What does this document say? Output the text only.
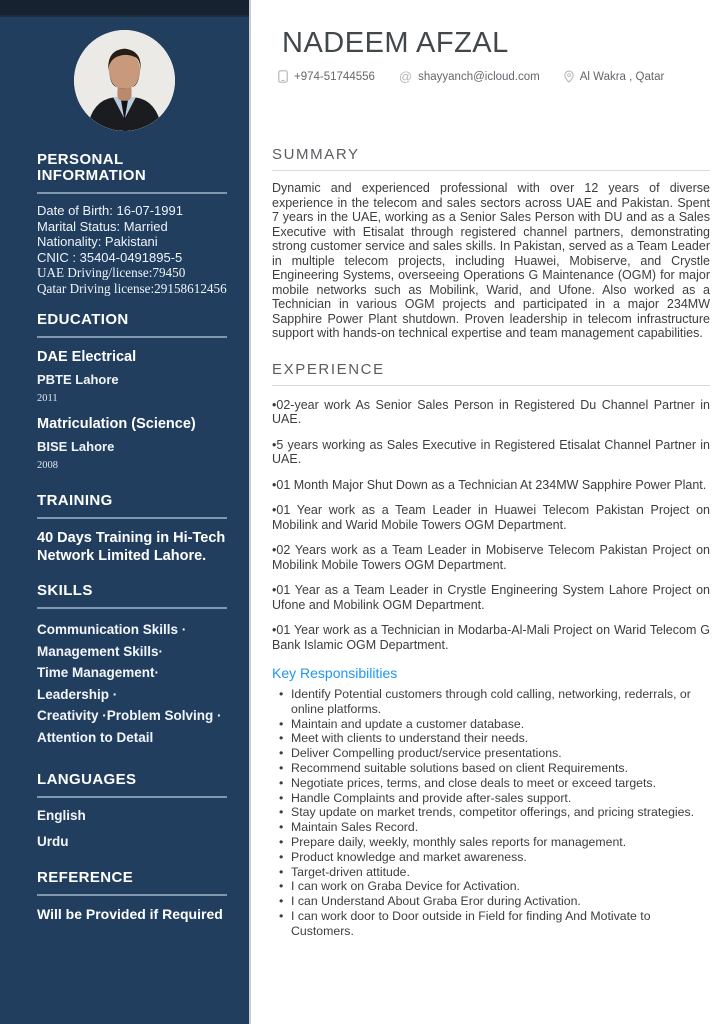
PERSONAL INFORMATION
Date of Birth: 16-07-1991
Marital Status: Married
Nationality: Pakistani
CNIC : 35404-0491895-5
UAE Driving/license:79450
Qatar Driving license:29158612456
EDUCATION
DAE Electrical
PBTE Lahore
2011
Matriculation (Science)
BISE Lahore
2008
TRAINING
40 Days Training in Hi-Tech Network Limited Lahore.
SKILLS
Communication Skills ·
Management Skills·
Time Management· Leadership ·
Creativity ·Problem Solving ·
Attention to Detail
LANGUAGES
English
Urdu
REFERENCE
Will be Provided if Required
NADEEM AFZAL
+974-51744556 @ shayyanch@icloud.com	Al Wakra , Qatar
SUMMARY

Dynamic and experienced professional with over 12 years of diverse experience in the telecom and sales sectors across UAE and Pakistan. Spent 7 years in the UAE, working as a Senior Sales Person with DU and as a Sales Executive with Etisalat through registered channel partners, demonstrating strong customer service and sales skills. In Pakistan, served as a Team Leader in multiple telecom projects, including Huawei, Mobiserve, and Crystle Engineering Systems, overseeing Operations G Maintenance (OGM) for major mobile networks such as Mobilink, Warid, and Ufone. Also worked as a Technician in various OGM projects and participated in a major 234MW Sapphire Power Plant shutdown. Proven leadership in telecom infrastructure support with hands-on technical expertise and team management capabilities.

EXPERIENCE

• 02-year work As Senior Sales Person in Registered Du Channel Partner in UAE.

• 5 years working as Sales Executive in Registered Etisalat Channel Partner in UAE.

• 01 Month Major Shut Down as a Technician At 234MW Sapphire Power Plant.

• 01 Year work as a Team Leader in Huawei Telecom Pakistan Project on Mobilink and Warid Mobile Towers OGM Department.

• 02 Years work as a Team Leader in Mobiserve Telecom Pakistan Project on Mobilink Mobile Towers OGM Department.

• 01 Year as a Team Leader in Crystle Engineering System Lahore Project on Ufone and Mobilink OGM Department.

• 01 Year work as a Technician in Modarba-Al-Mali Project on Warid Telecom G Bank Islamic OGM Department.

Key Responsibilities
• Identify Potential customers through cold calling, networking, rederrals, or online platforms.
• Maintain and update a customer database.
• Meet with clients to understand their needs.
• Deliver Compelling product/service presentations.
• Recommend suitable solutions based on client Requirements.
• Negotiate prices, terms, and close deals to meet or exceed targets.
• Handle Complaints and provide after-sales support.
• Stay update on market trends, competitor offerings, and pricing strategies.
• Maintain Sales Record.
• Prepare daily, weekly, monthly sales reports for management.
• Product knowledge and market awareness.
• Target-driven attitude.
• I can work on Graba Device for Activation.
• I can Understand About Graba Eror during Activation.
• I can work door to Door outside in Field for finding And Motivate to Customers.
